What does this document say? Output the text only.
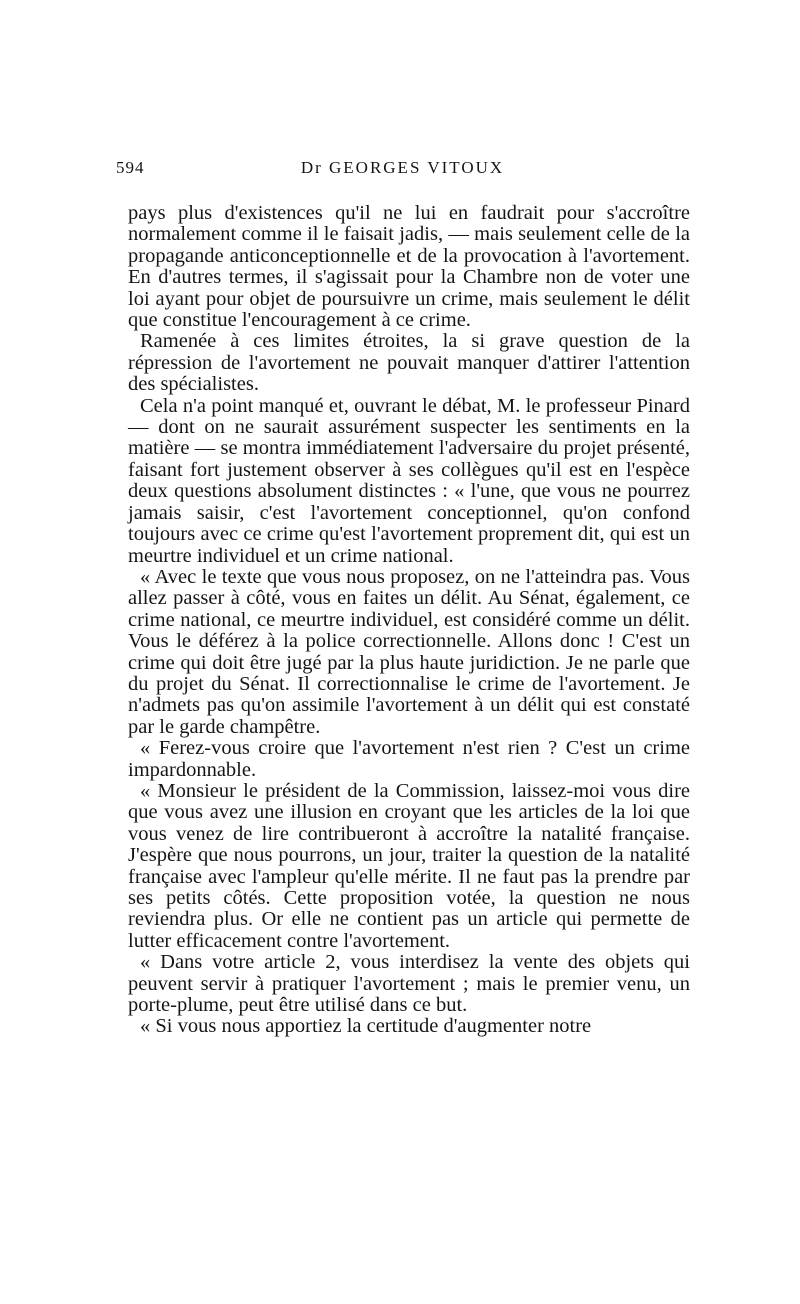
594	Dr GEORGES VITOUX

pays plus d'existences qu'il ne lui en faudrait pour s'accroître normalement comme il le faisait jadis, — mais seulement celle de la propagande anticonceptionnelle et de la provocation à l'avortement. En d'autres termes, il s'agissait pour la Chambre non de voter une loi ayant pour objet de poursuivre un crime, mais seulement le délit que constitue l'encouragement à ce crime.

Ramenée à ces limites étroites, la si grave question de la répression de l'avortement ne pouvait manquer d'attirer l'attention des spécialistes.

Cela n'a point manqué et, ouvrant le débat, M. le professeur Pinard — dont on ne saurait assurément suspecter les sentiments en la matière — se montra immédiatement l'adversaire du projet présenté, faisant fort justement observer à ses collègues qu'il est en l'espèce deux questions absolument distinctes : « l'une, que vous ne pourrez jamais saisir, c'est l'avortement conceptionnel, qu'on confond toujours avec ce crime qu'est l'avortement proprement dit, qui est un meurtre individuel et un crime national.

« Avec le texte que vous nous proposez, on ne l'atteindra pas. Vous allez passer à côté, vous en faites un délit. Au Sénat, également, ce crime national, ce meurtre individuel, est considéré comme un délit. Vous le déférez à la police correctionnelle. Allons donc ! C'est un crime qui doit être jugé par la plus haute juridiction. Je ne parle que du projet du Sénat. Il correctionnalise le crime de l'avortement. Je n'admets pas qu'on assimile l'avortement à un délit qui est constaté par le garde champêtre.

« Ferez-vous croire que l'avortement n'est rien ? C'est un crime impardonnable.

« Monsieur le président de la Commission, laissez-moi vous dire que vous avez une illusion en croyant que les articles de la loi que vous venez de lire contribueront à accroître la natalité française. J'espère que nous pourrons, un jour, traiter la question de la natalité française avec l'ampleur qu'elle mérite. Il ne faut pas la prendre par ses petits côtés. Cette proposition votée, la question ne nous reviendra plus. Or elle ne contient pas un article qui permette de lutter efficacement contre l'avortement.

« Dans votre article 2, vous interdisez la vente des objets qui peuvent servir à pratiquer l'avortement ; mais le premier venu, un porte-plume, peut être utilisé dans ce but.

« Si vous nous apportiez la certitude d'augmenter notre
